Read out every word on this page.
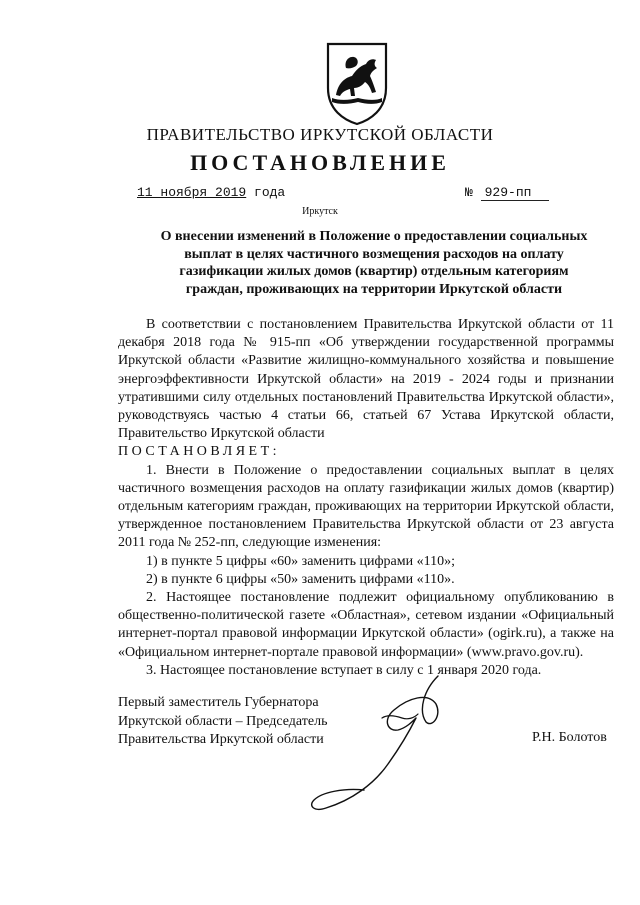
ПРАВИТЕЛЬСТВО ИРКУТСКОЙ ОБЛАСТИ
ПОСТАНОВЛЕНИЕ
11 ноября 2019 года	№ 929-пп
Иркутск
О внесении изменений в Положение о предоставлении социальных
выплат в целях частичного возмещения расходов на оплату
газификации жилых домов (квартир) отдельным категориям
граждан, проживающих на территории Иркутской области

В соответствии с постановлением Правительства Иркутской области от 11 декабря 2018 года № 915-пп «Об утверждении государственной программы Иркутской области «Развитие жилищно-коммунального хозяйства и повышение энергоэффективности Иркутской области» на 2019 - 2024 годы и признании утратившими силу отдельных постановлений Правительства Иркутской области», руководствуясь частью 4 статьи 66, статьей 67 Устава Иркутской области, Правительство Иркутской области

ПОСТАНОВЛЯЕТ:

1. Внести в Положение о предоставлении социальных выплат в целях частичного возмещения расходов на оплату газификации жилых домов (квартир) отдельным категориям граждан, проживающих на территории Иркутской области, утвержденное постановлением Правительства Иркутской области от 23 августа 2011 года № 252-пп, следующие изменения:

1) в пункте 5 цифры «60» заменить цифрами «110»;

2) в пункте 6 цифры «50» заменить цифрами «110».

2. Настоящее постановление подлежит официальному опубликованию в общественно-политической газете «Областная», сетевом издании «Официальный интернет-портал правовой информации Иркутской области» (ogirk.ru), а также на «Официальном интернет-портале правовой информации» (www.pravo.gov.ru).

3. Настоящее постановление вступает в силу с 1 января 2020 года.

Первый заместитель Губернатора
Иркутской области – Председатель
Правительства Иркутской области	Р.Н. Болотов
